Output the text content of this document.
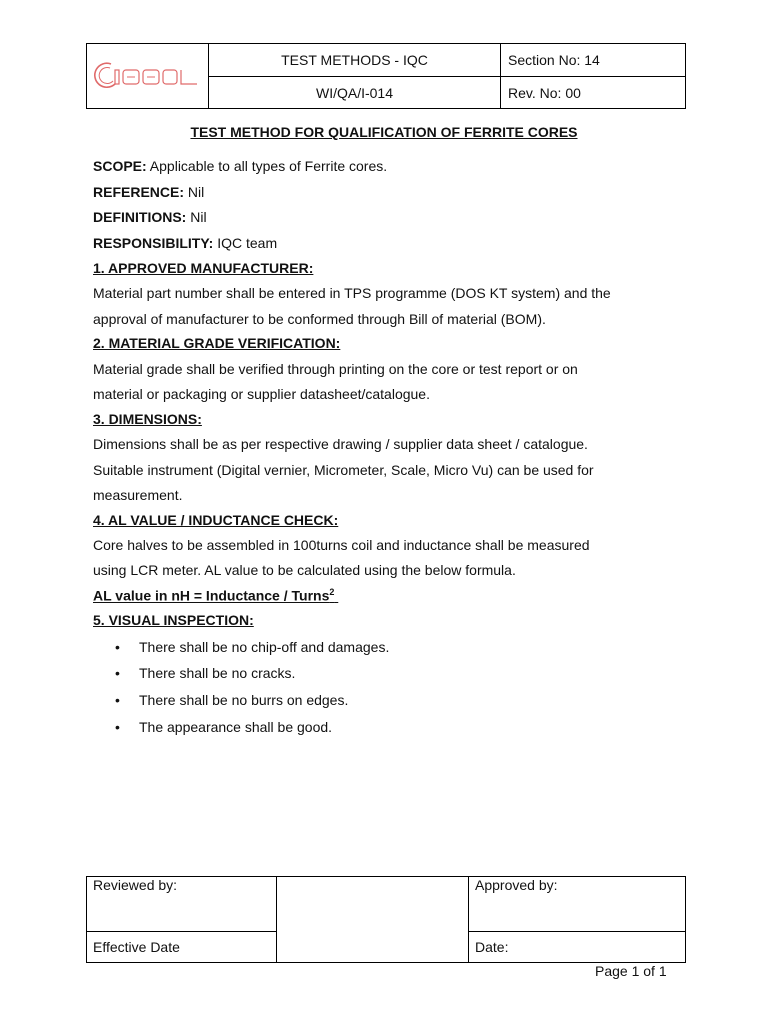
	TEST METHODS - IQC	Section No: 14
	WI/QA/I-014	Rev. No: 00
TEST METHOD FOR QUALIFICATION OF FERRITE CORES
SCOPE: Applicable to all types of Ferrite cores.
REFERENCE: Nil
DEFINITIONS: Nil
RESPONSIBILITY: IQC team
1. APPROVED MANUFACTURER:
Material part number shall be entered in TPS programme (DOS KT system) and the
approval of manufacturer to be conformed through Bill of material (BOM).
2. MATERIAL GRADE VERIFICATION:
Material grade shall be verified through printing on the core or test report or on
material or packaging or supplier datasheet/catalogue.
3. DIMENSIONS:
Dimensions shall be as per respective drawing / supplier data sheet / catalogue.
Suitable instrument (Digital vernier, Micrometer, Scale, Micro Vu) can be used for
measurement.
4. AL VALUE / INDUCTANCE CHECK:
Core halves to be assembled in 100turns coil and inductance shall be measured
using LCR meter. AL value to be calculated using the below formula.
AL value in nH = Inductance / Turns$^2$
5. VISUAL INSPECTION:
• There shall be no chip-off and damages.
• There shall be no cracks.
• There shall be no burrs on edges.
• The appearance shall be good.
Reviewed by:		Approved by:
Effective Date		Date:
Page 1 of 1
